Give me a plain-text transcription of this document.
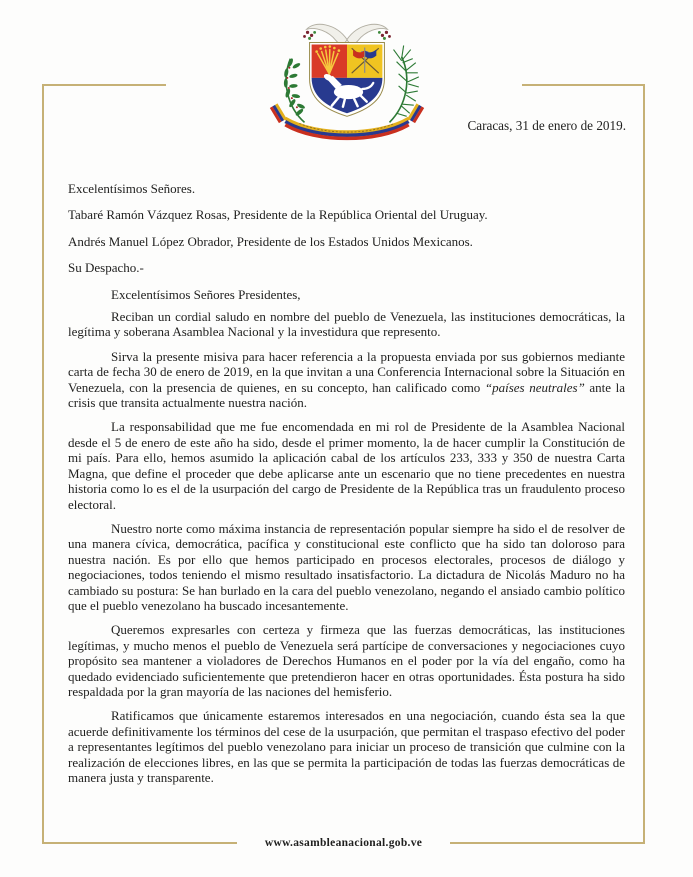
Caracas, 31 de enero de 2019.

Excelentísimos Señores.

Tabaré Ramón Vázquez Rosas, Presidente de la República Oriental del Uruguay.

Andrés Manuel López Obrador, Presidente de los Estados Unidos Mexicanos.

Su Despacho.-

Excelentísimos Señores Presidentes,

Reciban un cordial saludo en nombre del pueblo de Venezuela, las instituciones democráticas, la legítima y soberana Asamblea Nacional y la investidura que represento.

Sirva la presente misiva para hacer referencia a la propuesta enviada por sus gobiernos mediante carta de fecha 30 de enero de 2019, en la que invitan a una Conferencia Internacional sobre la Situación en Venezuela, con la presencia de quienes, en su concepto, han calificado como “países neutrales” ante la crisis que transita actualmente nuestra nación.

La responsabilidad que me fue encomendada en mi rol de Presidente de la Asamblea Nacional desde el 5 de enero de este año ha sido, desde el primer momento, la de hacer cumplir la Constitución de mi país. Para ello, hemos asumido la aplicación cabal de los artículos 233, 333 y 350 de nuestra Carta Magna, que define el proceder que debe aplicarse ante un escenario que no tiene precedentes en nuestra historia como lo es el de la usurpación del cargo de Presidente de la República tras un fraudulento proceso electoral.

Nuestro norte como máxima instancia de representación popular siempre ha sido el de resolver de una manera cívica, democrática, pacífica y constitucional este conflicto que ha sido tan doloroso para nuestra nación. Es por ello que hemos participado en procesos electorales, procesos de diálogo y negociaciones, todos teniendo el mismo resultado insatisfactorio. La dictadura de Nicolás Maduro no ha cambiado su postura: Se han burlado en la cara del pueblo venezolano, negando el ansiado cambio político que el pueblo venezolano ha buscado incesantemente.

Queremos expresarles con certeza y firmeza que las fuerzas democráticas, las instituciones legítimas, y mucho menos el pueblo de Venezuela será partícipe de conversaciones y negociaciones cuyo propósito sea mantener a violadores de Derechos Humanos en el poder por la vía del engaño, como ha quedado evidenciado suficientemente que pretendieron hacer en otras oportunidades. Ésta postura ha sido respaldada por la gran mayoría de las naciones del hemisferio.

Ratificamos que únicamente estaremos interesados en una negociación, cuando ésta sea la que acuerde definitivamente los términos del cese de la usurpación, que permitan el traspaso efectivo del poder a representantes legítimos del pueblo venezolano para iniciar un proceso de transición que culmine con la realización de elecciones libres, en las que se permita la participación de todas las fuerzas democráticas de manera justa y transparente.

www.asambleanacional.gob.ve
